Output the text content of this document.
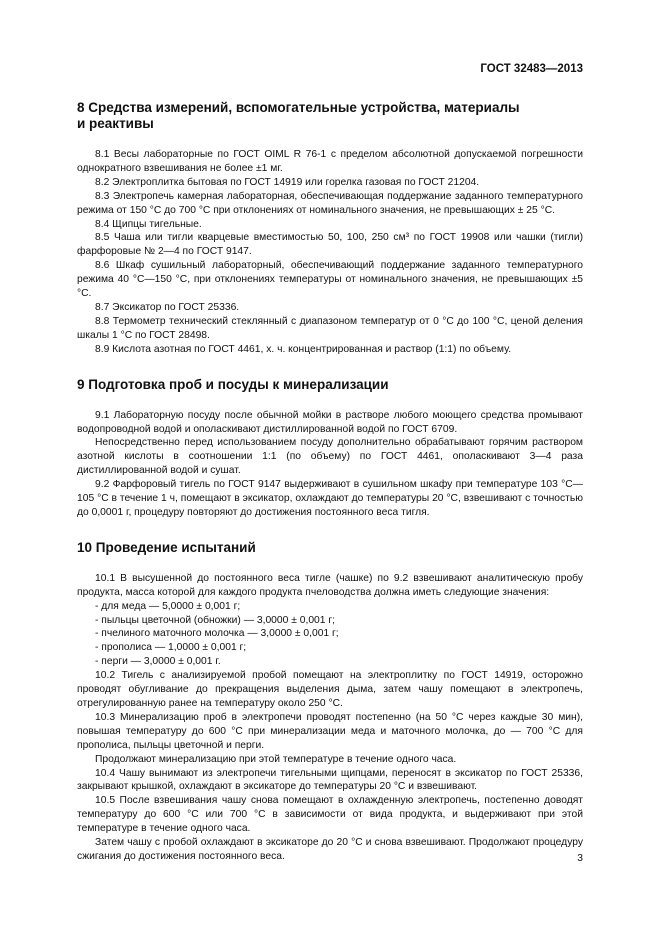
ГОСТ 32483—2013
8 Средства измерений, вспомогательные устройства, материалы
и реактивы

8.1 Весы лабораторные по ГОСТ OIML R 76-1 с пределом абсолютной допускаемой погрешности однократного взвешивания не более ±1 мг.

8.2 Электроплитка бытовая по ГОСТ 14919 или горелка газовая по ГОСТ 21204.

8.3 Электропечь камерная лабораторная, обеспечивающая поддержание заданного температурного режима от 150 °С до 700 °С при отклонениях от номинального значения, не превышающих ± 25 °С.

8.4 Щипцы тигельные.

8.5 Чаша или тигли кварцевые вместимостью 50, 100, 250 см³ по ГОСТ 19908 или чашки (тигли) фарфоровые № 2—4 по ГОСТ 9147.

8.6 Шкаф сушильный лабораторный, обеспечивающий поддержание заданного температурного режима 40 °С—150 °С, при отклонениях температуры от номинального значения, не превышающих ±5 °С.

8.7 Эксикатор по ГОСТ 25336.

8.8 Термометр технический стеклянный с диапазоном температур от 0 °С до 100 °С, ценой деления шкалы 1 °С по ГОСТ 28498.

8.9 Кислота азотная по ГОСТ 4461, х. ч. концентрированная и раствор (1:1) по объему.

9 Подготовка проб и посуды к минерализации

9.1 Лабораторную посуду после обычной мойки в растворе любого моющего средства промывают водопроводной водой и ополаскивают дистиллированной водой по ГОСТ 6709.

Непосредственно перед использованием посуду дополнительно обрабатывают горячим раствором азотной кислоты в соотношении 1:1 (по объему) по ГОСТ 4461, ополаскивают 3—4 раза дистиллированной водой и сушат.

9.2 Фарфоровый тигель по ГОСТ 9147 выдерживают в сушильном шкафу при температуре 103 °С—105 °С в течение 1 ч, помещают в эксикатор, охлаждают до температуры 20 °С, взвешивают с точностью до 0,0001 г, процедуру повторяют до достижения постоянного веса тигля.

10 Проведение испытаний

10.1 В высушенной до постоянного веса тигле (чашке) по 9.2 взвешивают аналитическую пробу продукта, масса которой для каждого продукта пчеловодства должна иметь следующие значения:

- для меда — 5,0000 ± 0,001 г;
- пыльцы цветочной (обножки) — 3,0000 ± 0,001 г;
- пчелиного маточного молочка — 3,0000 ± 0,001 г;
- прополиса — 1,0000 ± 0,001 г;
- перги — 3,0000 ± 0,001 г.

10.2 Тигель с анализируемой пробой помещают на электроплитку по ГОСТ 14919, осторожно проводят обугливание до прекращения выделения дыма, затем чашу помещают в электропечь, отрегулированную ранее на температуру около 250 °С.

10.3 Минерализацию проб в электропечи проводят постепенно (на 50 °С через каждые 30 мин), повышая температуру до 600 °С при минерализации меда и маточного молочка, до — 700 °С для прополиса, пыльцы цветочной и перги.

Продолжают минерализацию при этой температуре в течение одного часа.

10.4 Чашу вынимают из электропечи тигельными щипцами, переносят в эксикатор по ГОСТ 25336, закрывают крышкой, охлаждают в эксикаторе до температуры 20 °С и взвешивают.

10.5 После взвешивания чашу снова помещают в охлажденную электропечь, постепенно доводят температуру до 600 °С или 700 °С в зависимости от вида продукта, и выдерживают при этой температуре в течение одного часа.

Затем чашу с пробой охлаждают в эксикаторе до 20 °С и снова взвешивают. Продолжают процедуру сжигания до достижения постоянного веса.	3
